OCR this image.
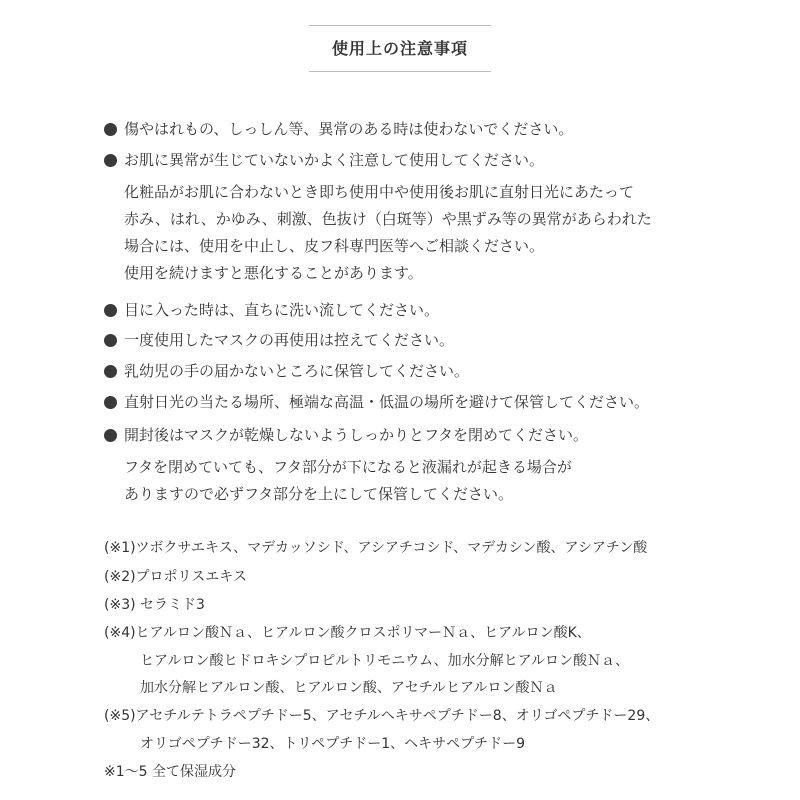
使用上の注意事項
傷やはれもの、しっしん等、異常のある時は使わないでください。
お肌に異常が生じていないかよく注意して使用してください。
化粧品がお肌に合わないとき即ち使用中や使用後お肌に直射日光にあたって
赤み、はれ、かゆみ、刺激、色抜け（白斑等）や黒ずみ等の異常があらわれた
場合には、使用を中止し、皮フ科専門医等へご相談ください。
使用を続けますと悪化することがあります。
目に入った時は、直ちに洗い流してください。
一度使用したマスクの再使用は控えてください。
乳幼児の手の届かないところに保管してください。
直射日光の当たる場所、極端な高温・低温の場所を避けて保管してください。
開封後はマスクが乾燥しないようしっかりとフタを閉めてください。
フタを閉めていても、フタ部分が下になると液漏れが起きる場合が
ありますので必ずフタ部分を上にして保管してください。
(※1)ツボクサエキス、マデカッソシド、アシアチコシド、マデカシン酸、アシアチン酸
(※2)プロポリスエキス
(※3) セラミド3
(※4)ヒアルロン酸Ｎａ、ヒアルロン酸クロスポリマーＮａ、ヒアルロン酸K、
ヒアルロン酸ヒドロキシプロピルトリモニウム、加水分解ヒアルロン酸Ｎａ、
加水分解ヒアルロン酸、ヒアルロン酸、アセチルヒアルロン酸Ｎａ
(※5)アセチルテトラペプチドー5、アセチルヘキサペプチドー8、オリゴペプチドー29、
オリゴペプチドー32、トリペプチドー1、ヘキサペプチドー9
※1～5 全て保湿成分
